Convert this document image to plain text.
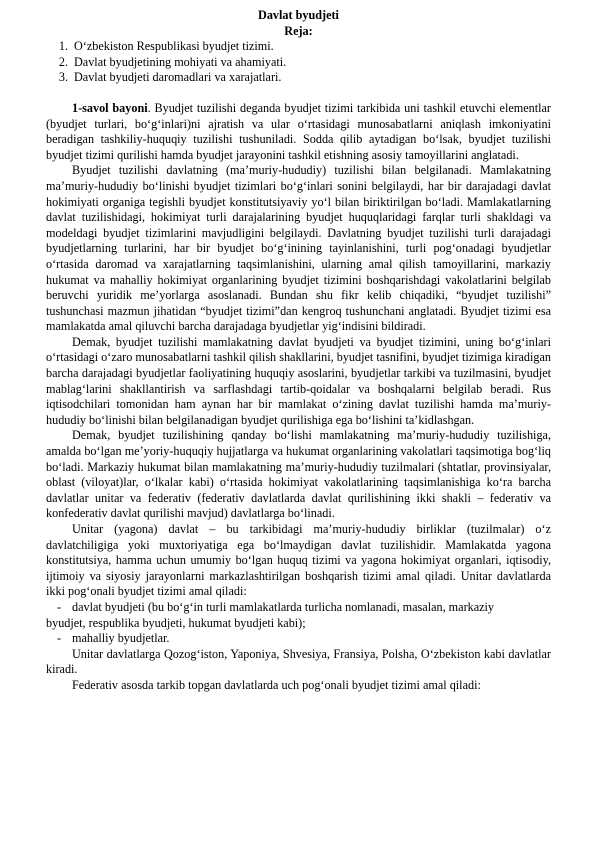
Davlat byudjeti

Reja:

1. O‘zbekiston Respublikasi byudjet tizimi.
2. Davlat byudjetining mohiyati va ahamiyati.
3. Davlat byudjeti daromadlari va xarajatlari.

1-savol bayoni. Byudjet tuzilishi deganda byudjet tizimi tarkibida uni tashkil etuvchi elementlar (byudjet turlari, bo‘g‘inlari)ni ajratish va ular o‘rtasidagi munosabatlarni aniqlash imkoniyatini beradigan tashkiliy-huquqiy tuzilishi tushuniladi. Sodda qilib aytadigan bo‘lsak, byudjet tuzilishi byudjet tizimi qurilishi hamda byudjet jarayonini tashkil etishning asosiy tamoyillarini anglatadi.

Byudjet tuzilishi davlatning (ma’muriy-hududiy) tuzilishi bilan belgilanadi. Mamlakatning ma’muriy-hududiy bo‘linishi byudjet tizimlari bo‘g‘inlari sonini belgilaydi, har bir darajadagi davlat hokimiyati organiga tegishli byudjet konstitutsiyaviy yo‘l bilan biriktirilgan bo‘ladi. Mamlakatlarning davlat tuzilishidagi, hokimiyat turli darajalarining byudjet huquqlaridagi farqlar turli shakldagi va modeldagi byudjet tizimlarini mavjudligini belgilaydi. Davlatning byudjet tuzilishi turli darajadagi byudjetlarning turlarini, har bir byudjet bo‘g‘inining tayinlanishini, turli pog‘onadagi byudjetlar o‘rtasida daromad va xarajatlarning taqsimlanishini, ularning amal qilish tamoyillarini, markaziy hukumat va mahalliy hokimiyat organlarining byudjet tizimini boshqarishdagi vakolatlarini belgilab beruvchi yuridik me’yorlarga asoslanadi. Bundan shu fikr kelib chiqadiki, “byudjet tuzilishi” tushunchasi mazmun jihatidan “byudjet tizimi”dan kengroq tushunchani anglatadi. Byudjet tizimi esa mamlakatda amal qiluvchi barcha darajadaga byudjetlar yig‘indisini bildiradi.

Demak, byudjet tuzilishi mamlakatning davlat byudjeti va byudjet tizimini, uning bo‘g‘inlari o‘rtasidagi o‘zaro munosabatlarni tashkil qilish shakllarini, byudjet tasnifini, byudjet tizimiga kiradigan barcha darajadagi byudjetlar faoliyatining huquqiy asoslarini, byudjetlar tarkibi va tuzilmasini, byudjet mablag‘larini shakllantirish va sarflashdagi tartib-qoidalar va boshqalarni belgilab beradi. Rus iqtisodchilari tomonidan ham aynan har bir mamlakat o‘zining davlat tuzilishi hamda ma’muriy-hududiy bo‘linishi bilan belgilanadigan byudjet qurilishiga ega bo‘lishini ta’kidlashgan.

Demak, byudjet tuzilishining qanday bo‘lishi mamlakatning ma’muriy-hududiy tuzilishiga, amalda bo‘lgan me’yoriy-huquqiy hujjatlarga va hukumat organlarining vakolatlari taqsimotiga bog‘liq bo‘ladi. Markaziy hukumat bilan mamlakatning ma’muriy-hududiy tuzilmalari (shtatlar, provinsiyalar, oblast (viloyat)lar, o‘lkalar kabi) o‘rtasida hokimiyat vakolatlarining taqsimlanishiga ko‘ra barcha davlatlar unitar va federativ (federativ davlatlarda davlat qurilishining ikki shakli – federativ va konfederativ davlat qurilishi mavjud) davlatlarga bo‘linadi.

Unitar (yagona) davlat – bu tarkibidagi ma’muriy-hududiy birliklar (tuzilmalar) o‘z davlatchiligiga yoki muxtoriyatiga ega bo‘lmaydigan davlat tuzilishidir. Mamlakatda yagona konstitutsiya, hamma uchun umumiy bo‘lgan huquq tizimi va yagona hokimiyat organlari, iqtisodiy, ijtimoiy va siyosiy jarayonlarni markazlashtirilgan boshqarish tizimi amal qiladi. Unitar davlatlarda ikki pog‘onali byudjet tizimi amal qiladi:

- davlat byudjeti (bu bo‘g‘in turli mamlakatlarda turlicha nomlanadi, masalan, markaziy
byudjet, respublika byudjeti, hukumat byudjeti kabi);
- mahalliy byudjetlar.

Unitar davlatlarga Qozog‘iston, Yaponiya, Shvesiya, Fransiya, Polsha, O‘zbekiston kabi davlatlar kiradi.

Federativ asosda tarkib topgan davlatlarda uch pog‘onali byudjet tizimi amal qiladi:
